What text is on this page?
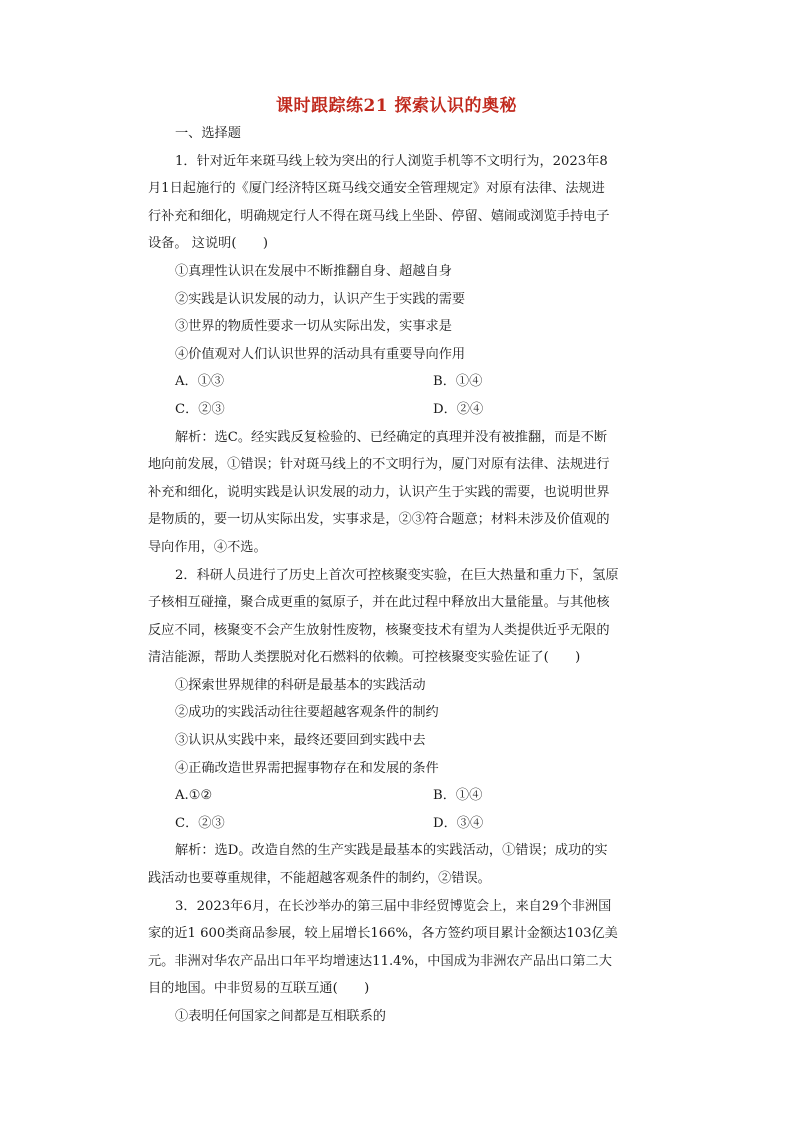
课时跟踪练21 探索认识的奥秘

一、选择题

1．针对近年来斑马线上较为突出的行人浏览手机等不文明行为，2023年8

月1日起施行的《厦门经济特区斑马线交通安全管理规定》对原有法律、法规进

行补充和细化，明确规定行人不得在斑马线上坐卧、停留、嬉闹或浏览手持电子

设备。 这说明(　　)

①真理性认识在发展中不断推翻自身、超越自身

②实践是认识发展的动力，认识产生于实践的需要

③世界的物质性要求一切从实际出发，实事求是

④价值观对人们认识世界的活动具有重要导向作用

A．①③	B．①④
C．②③	D．②④

解析：选C。经实践反复检验的、已经确定的真理并没有被推翻，而是不断

地向前发展，①错误；针对斑马线上的不文明行为，厦门对原有法律、法规进行

补充和细化，说明实践是认识发展的动力，认识产生于实践的需要，也说明世界

是物质的，要一切从实际出发，实事求是，②③符合题意；材料未涉及价值观的

导向作用，④不选。

2．科研人员进行了历史上首次可控核聚变实验，在巨大热量和重力下，氢原

子核相互碰撞，聚合成更重的氦原子，并在此过程中释放出大量能量。与其他核

反应不同，核聚变不会产生放射性废物，核聚变技术有望为人类提供近乎无限的

清洁能源，帮助人类摆脱对化石燃料的依赖。可控核聚变实验佐证了(　　)

①探索世界规律的科研是最基本的实践活动

②成功的实践活动往往要超越客观条件的制约

③认识从实践中来，最终还要回到实践中去

④正确改造世界需把握事物存在和发展的条件

A.①②	B．①④
C．②③	D．③④

解析：选D。改造自然的生产实践是最基本的实践活动，①错误；成功的实

践活动也要尊重规律，不能超越客观条件的制约，②错误。

3．2023年6月，在长沙举办的第三届中非经贸博览会上，来自29个非洲国

家的近1 600类商品参展，较上届增长166%，各方签约项目累计金额达103亿美

元。非洲对华农产品出口年平均增速达11.4%，中国成为非洲农产品出口第二大

目的地国。中非贸易的互联互通(　　)

①表明任何国家之间都是互相联系的
